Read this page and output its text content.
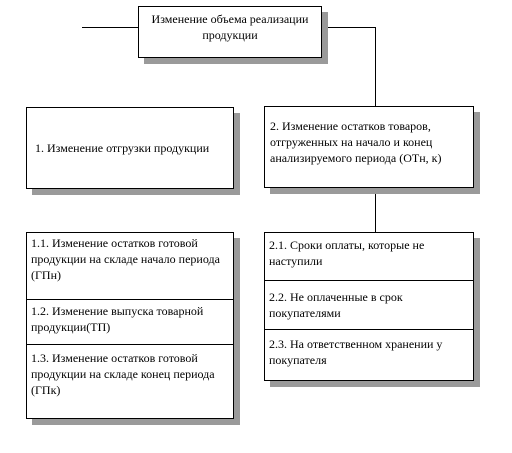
Изменение объема реализации продукции
1. Изменение отгрузки продукции
2. Изменение остатков товаров, отгруженных на начало и конец анализируемого периода (ОТн, к)
1.1. Изменение остатков готовой продукции на складе начало периода (ГПн)
1.2. Изменение выпуска товарной продукции(ТП)
1.3. Изменение остатков готовой продукции на складе конец периода (ГПк)
2.1. Сроки оплаты, которые не наступили
2.2. Не оплаченные в срок покупателями
2.3. На ответственном хранении у покупателя
